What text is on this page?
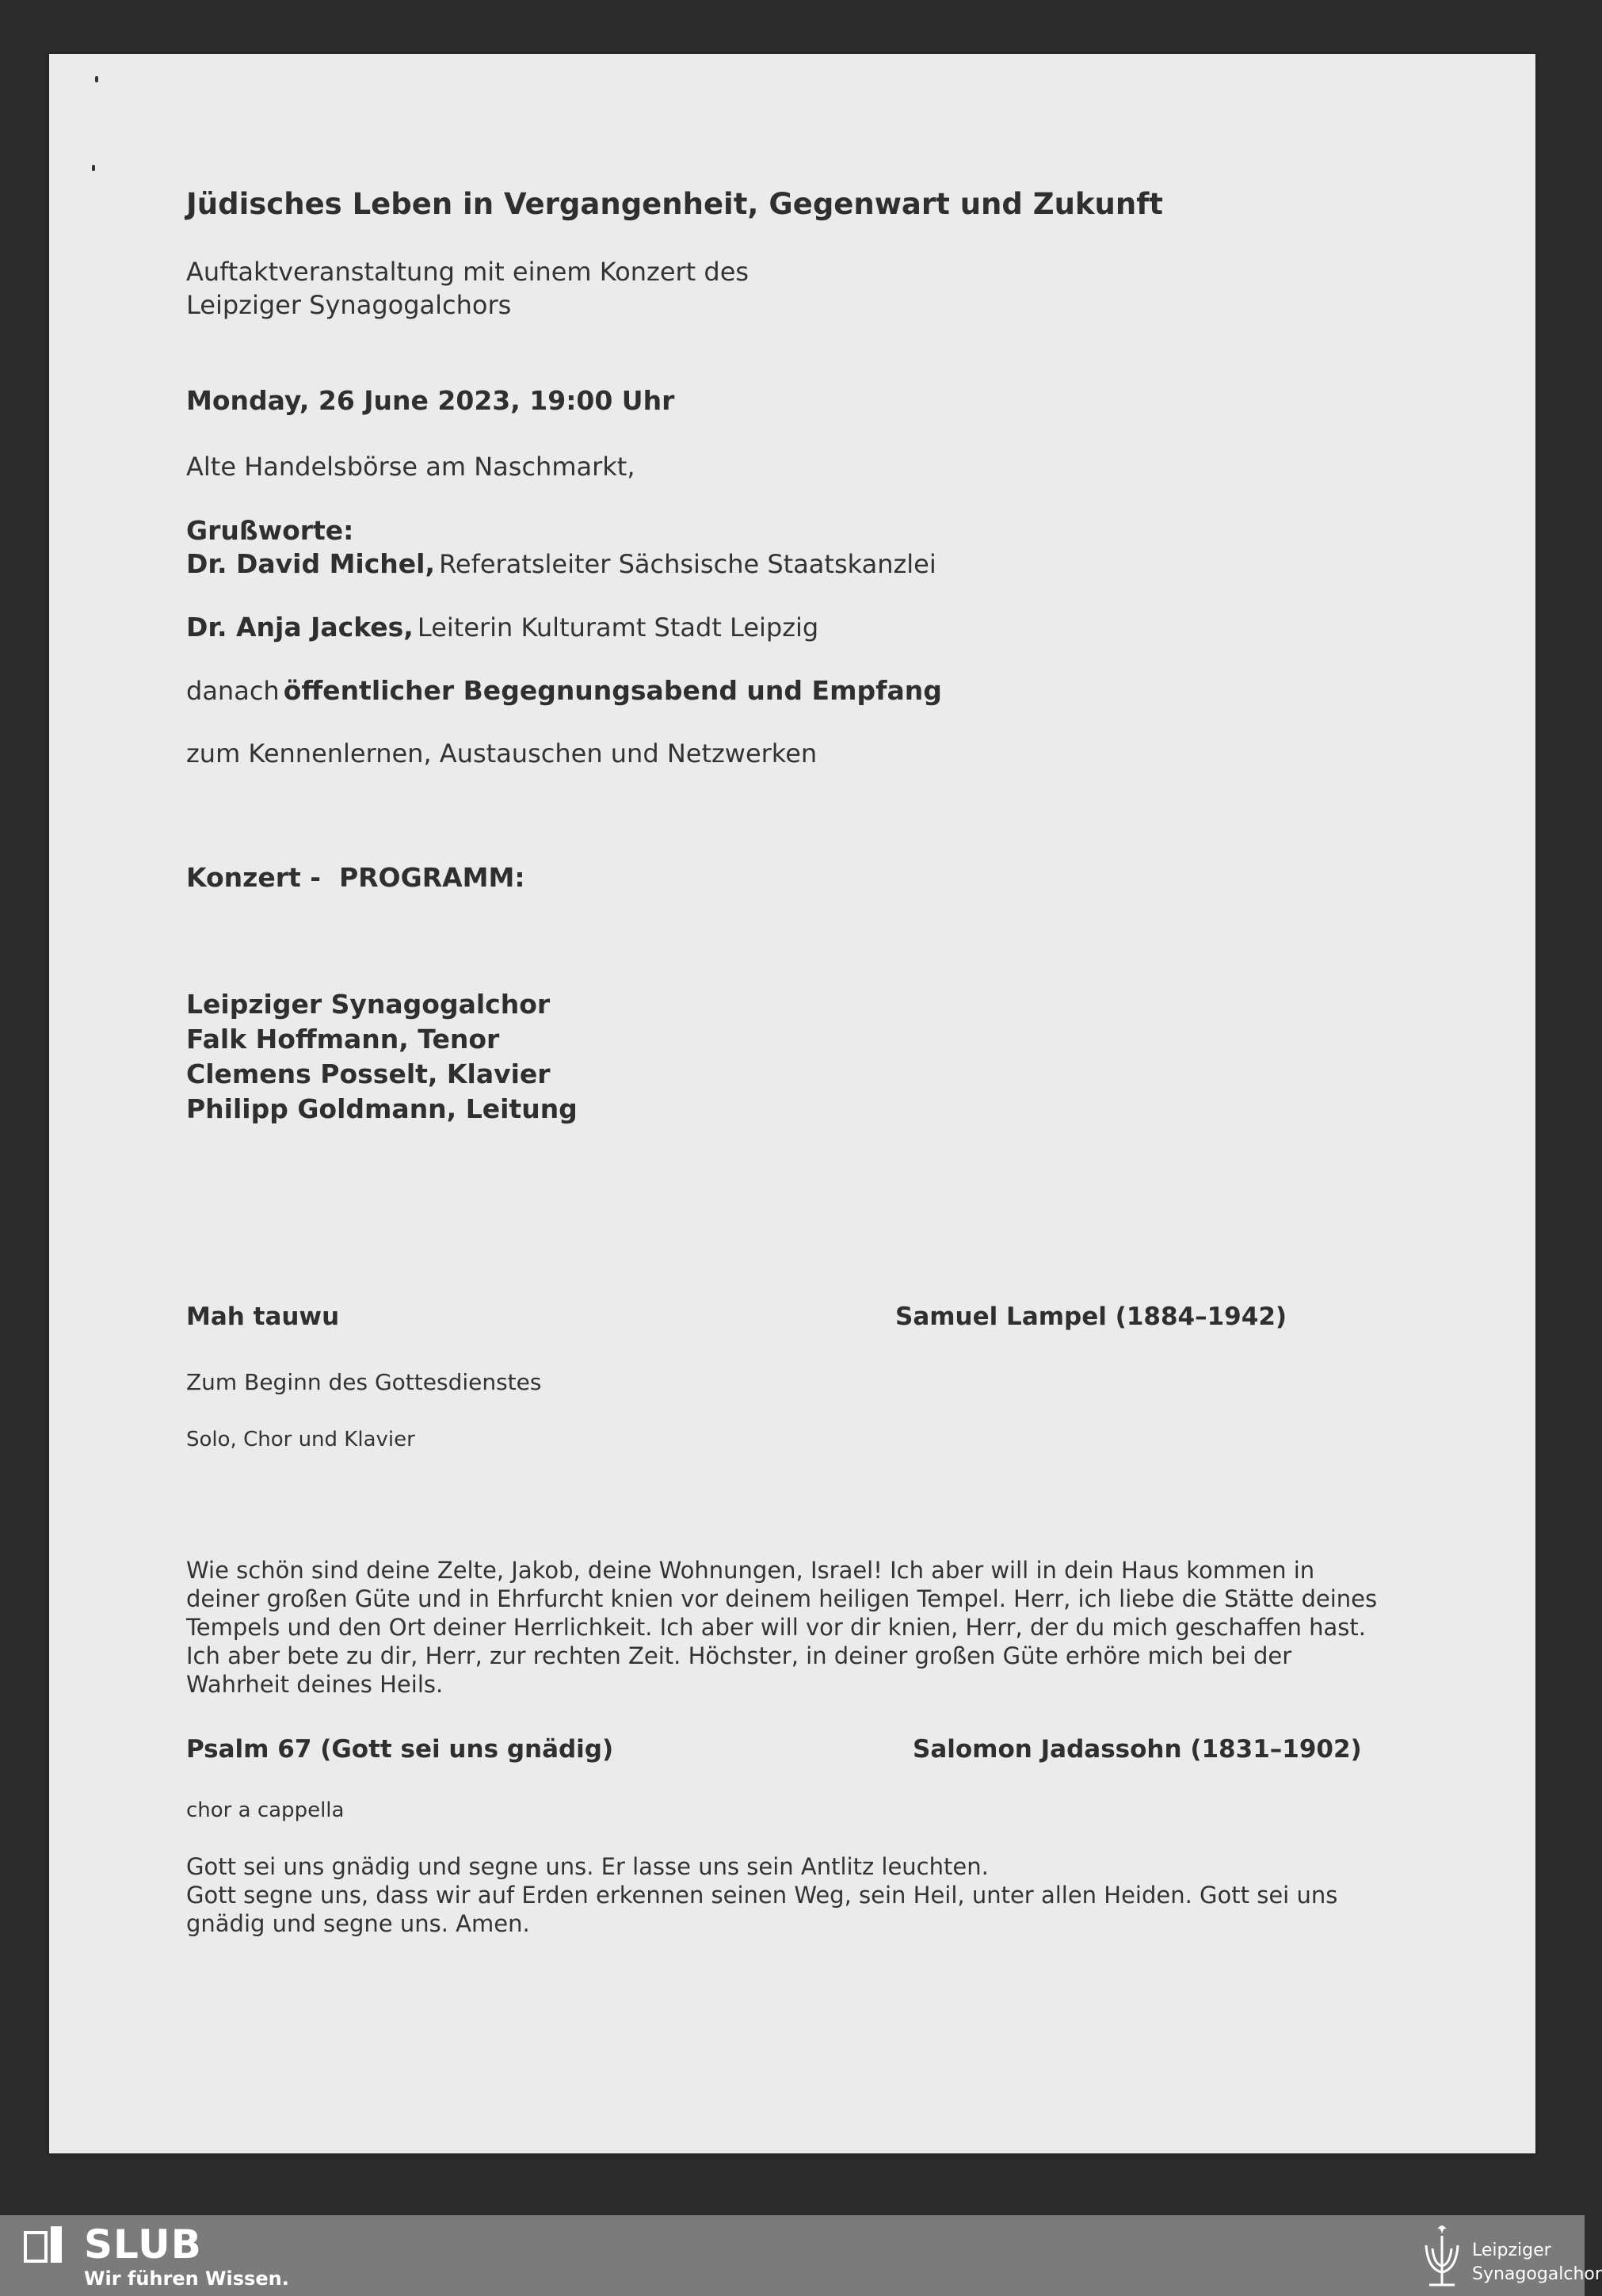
Jüdisches Leben in Vergangenheit, Gegenwart und Zukunft
Auftaktveranstaltung mit einem Konzert des
Leipziger Synagogalchors
Monday, 26 June 2023, 19:00 Uhr
Alte Handelsbörse am Naschmarkt,
Grußworte:
Dr. David Michel, Referatsleiter Sächsische Staatskanzlei
Dr. Anja Jackes, Leiterin Kulturamt Stadt Leipzig
danach öffentlicher Begegnungsabend und Empfang
zum Kennenlernen, Austauschen und Netzwerken
Konzert -  PROGRAMM:
Leipziger Synagogalchor
Falk Hoffmann, Tenor
Clemens Posselt, Klavier
Philipp Goldmann, Leitung
Mah tauwu	Samuel Lampel (1884–1942)
Zum Beginn des Gottesdienstes
Solo, Chor und Klavier
Wie schön sind deine Zelte, Jakob, deine Wohnungen, Israel! Ich aber will in dein Haus kommen in deiner großen Güte und in Ehrfurcht knien vor deinem heiligen Tempel. Herr, ich liebe die Stätte deines Tempels und den Ort deiner Herrlichkeit. Ich aber will vor dir knien, Herr, der du mich geschaffen hast. Ich aber bete zu dir, Herr, zur rechten Zeit. Höchster, in deiner großen Güte erhöre mich bei der Wahrheit deines Heils.
Psalm 67 (Gott sei uns gnädig)	Salomon Jadassohn (1831–1902)
chor a cappella
Gott sei uns gnädig und segne uns. Er lasse uns sein Antlitz leuchten.
Gott segne uns, dass wir auf Erden erkennen seinen Weg, sein Heil, unter allen Heiden. Gott sei uns gnädig und segne uns. Amen.
SLUB
Wir führen Wissen.
Leipziger
Synagogalchor
